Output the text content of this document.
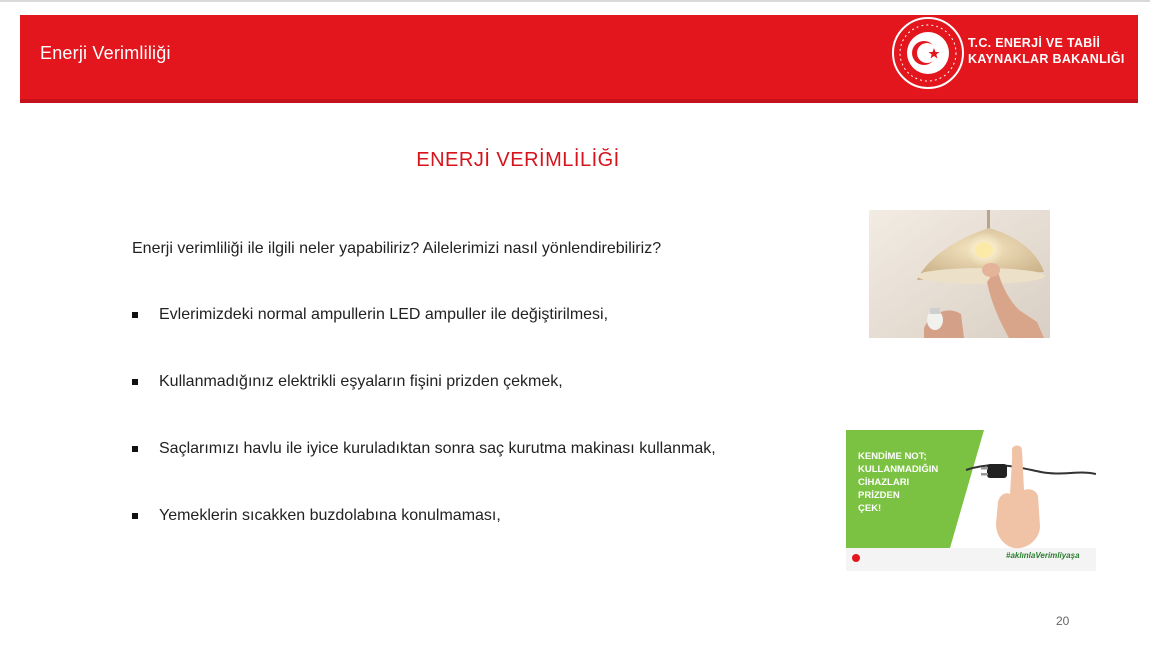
Enerji Verimliliği	T.C. ENERJİ VE TABİİ
KAYNAKLAR BAKANLIĞI
ENERJİ VERİMLİLİĞİ
Enerji verimliliği ile ilgili neler yapabiliriz? Ailelerimizi nasıl yönlendirebiliriz?
Evlerimizdeki normal ampullerin LED ampuller ile değiştirilmesi,
Kullanmadığınız elektrikli eşyaların fişini prizden çekmek,
Saçlarımızı havlu ile iyice kuruladıktan sonra saç kurutma makinası kullanmak,
Yemeklerin sıcakken buzdolabına konulmaması,
KENDİME NOT;
KULLANMADIĞIN
CİHAZLARI
PRİZDEN
ÇEK!
#aklınlaVerimliyaşa
20
